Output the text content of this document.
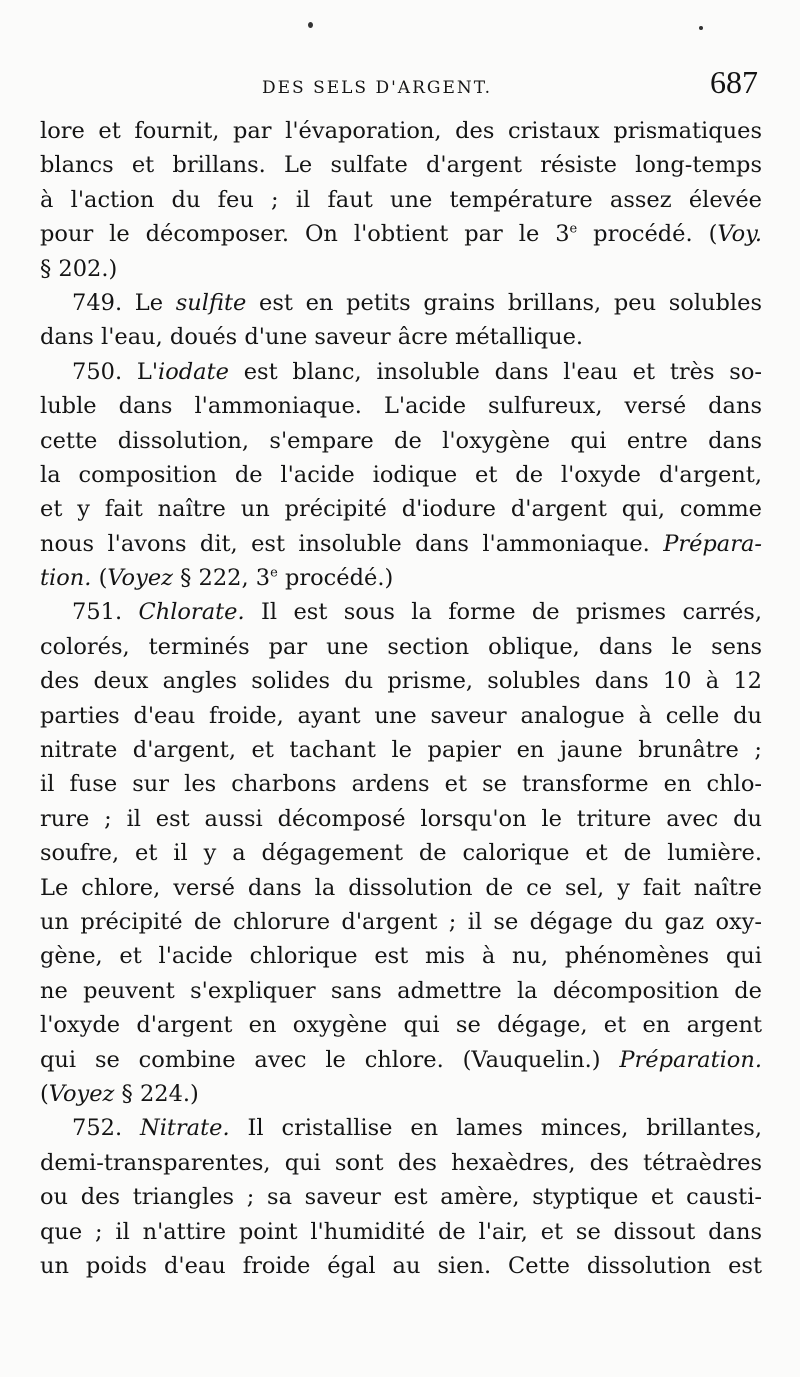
DES SELS D'ARGENT.	687
lore et fournit, par l'évaporation, des cristaux prismatiques
blancs et brillans. Le sulfate d'argent résiste long-temps
à l'action du feu ; il faut une température assez élevée
pour le décomposer. On l'obtient par le 3e procédé. (Voy.
§ 202.)
749. Le sulfite est en petits grains brillans, peu solubles
dans l'eau, doués d'une saveur âcre métallique.
750. L'iodate est blanc, insoluble dans l'eau et très so-
luble dans l'ammoniaque. L'acide sulfureux, versé dans
cette dissolution, s'empare de l'oxygène qui entre dans
la composition de l'acide iodique et de l'oxyde d'argent,
et y fait naître un précipité d'iodure d'argent qui, comme
nous l'avons dit, est insoluble dans l'ammoniaque. Prépara-
tion. (Voyez § 222, 3e procédé.)
751. Chlorate. Il est sous la forme de prismes carrés,
colorés, terminés par une section oblique, dans le sens
des deux angles solides du prisme, solubles dans 10 à 12
parties d'eau froide, ayant une saveur analogue à celle du
nitrate d'argent, et tachant le papier en jaune brunâtre ;
il fuse sur les charbons ardens et se transforme en chlo-
rure ; il est aussi décomposé lorsqu'on le triture avec du
soufre, et il y a dégagement de calorique et de lumière.
Le chlore, versé dans la dissolution de ce sel, y fait naître
un précipité de chlorure d'argent ; il se dégage du gaz oxy-
gène, et l'acide chlorique est mis à nu, phénomènes qui
ne peuvent s'expliquer sans admettre la décomposition de
l'oxyde d'argent en oxygène qui se dégage, et en argent
qui se combine avec le chlore. (Vauquelin.) Préparation.
(Voyez § 224.)
752. Nitrate. Il cristallise en lames minces, brillantes,
demi-transparentes, qui sont des hexaèdres, des tétraèdres
ou des triangles ; sa saveur est amère, styptique et causti-
que ; il n'attire point l'humidité de l'air, et se dissout dans
un poids d'eau froide égal au sien. Cette dissolution est
